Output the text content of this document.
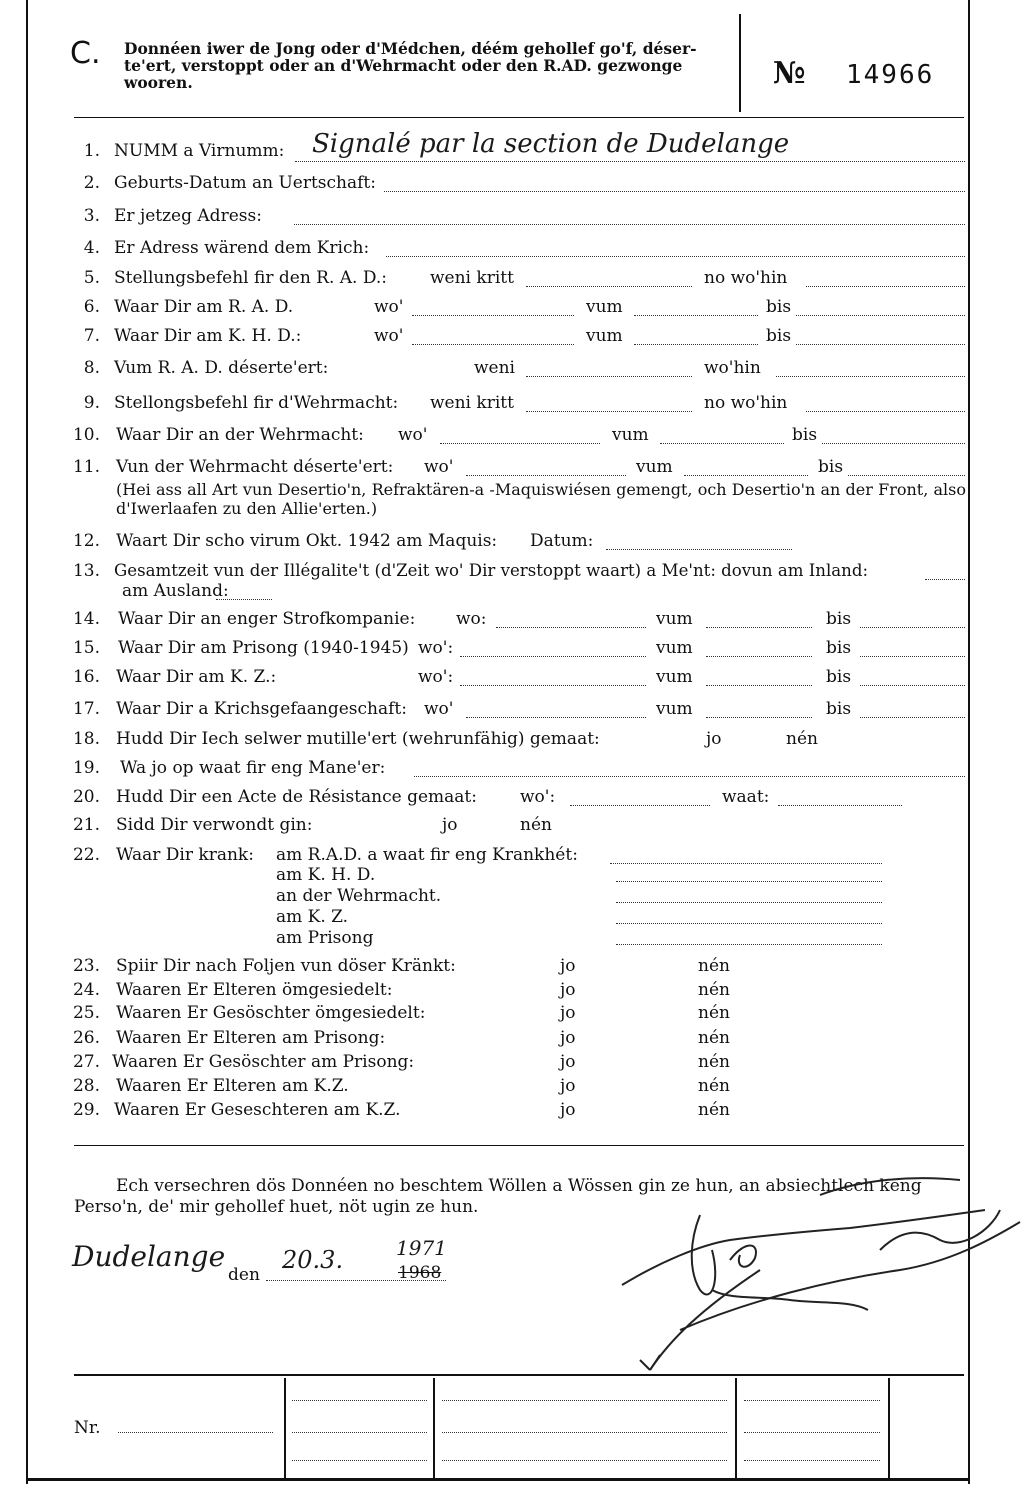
C. Donnéen iwer de Jong oder d'Médchen, déém gehollef go'f, déser-te'ert, verstoppt oder an d'Wehrmacht oder den R.AD. gezwonge wooren.	№ 14966
1. NUMM a Virnumm: Signalé par la section de Dudelange
2. Geburts-Datum an Uertschaft:
3. Er jetzeg Adress:
4. Er Adress wärend dem Krich:
5. Stellungsbefehl fir den R. A. D.:	weni kritt	no wo'hin
6. Waar Dir am R. A. D.	wo'	vum	bis
7. Waar Dir am K. H. D.:	wo'	vum	bis
8. Vum R. A. D. déserte'ert:	weni	wo'hin
9. Stellongsbefehl fir d'Wehrmacht: weni kritt	no wo'hin
10. Waar Dir an der Wehrmacht: wo'	vum	bis
11. Vun der Wehrmacht déserte'ert: wo'	vum	bis
(Hei ass all Art vun Desertio'n, Refraktären-a -Maquiswiésen gemengt, och Desertio'n an der Front, also d'Iwerlaafen zu den Allie'erten.)
12. Waart Dir scho virum Okt. 1942 am Maquis: Datum:
13. Gesamtzeit vun der Illégalite't (d'Zeit wo' Dir verstoppt waart) a Me'nt: dovun am Inland:
am Ausland:
14. Waar Dir an enger Strofkompanie: wo:	vum	bis
15. Waar Dir am Prisong (1940-1945) wo':	vum	bis
16. Waar Dir am K. Z.:	wo':	vum	bis
17. Waar Dir a Krichsgefaangeschaft: wo'	vum	bis
18. Hudd Dir Iech selwer mutille'ert (wehrunfähig) gemaat:	jo	nén
19. Wa jo op waat fir eng Mane'er:
20. Hudd Dir een Acte de Résistance gemaat:	wo':	waat:
21. Sidd Dir verwondt gin:	jo	nén
22. Waar Dir krank: am R.A.D. a waat fir eng Krankhét:
am K. H. D.
an der Wehrmacht.
am K. Z.
am Prisong
23. Spiir Dir nach Foljen vun döser Kränkt:	jo	nén
24. Waaren Er Elteren ömgesiedelt:	jo	nén
25. Waaren Er Gesöschter ömgesiedelt:	jo	nén
26. Waaren Er Elteren am Prisong:	jo	nén
27. Waaren Er Gesöschter am Prisong:	jo	nén
28. Waaren Er Elteren am K.Z.	jo	nén
29. Waaren Er Geseschteren am K.Z.	jo	nén
Ech versechren dös Donnéen no beschtem Wöllen a Wössen gin ze hun, an absiechtlech keng Perso'n, de' mir gehollef huet, nöt ugin ze hun.
Dudelange
den
20.3.	1971
1968
Nr.
